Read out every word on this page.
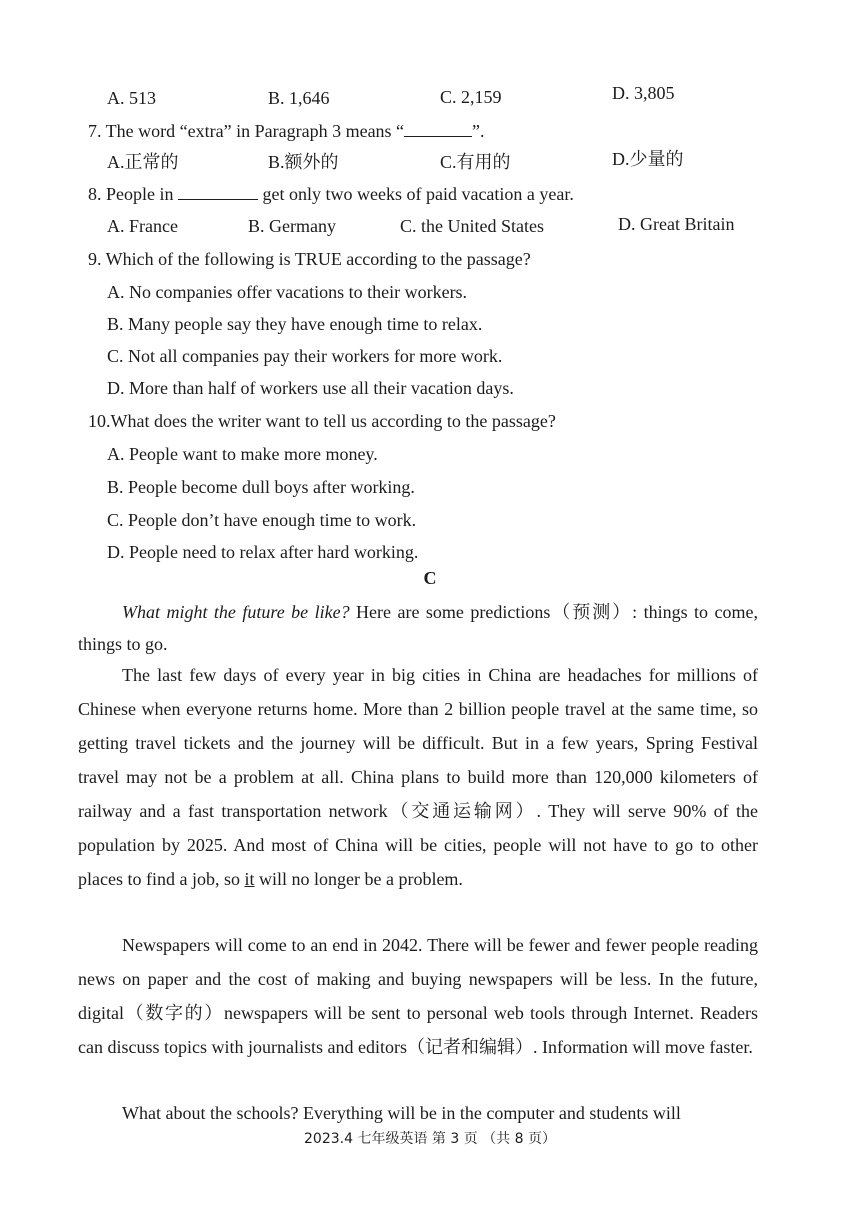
A. 513	B. 1,646	C. 2,159	D. 3,805
7. The word “extra” in Paragraph 3 means “	”.
A.正常的	B.额外的	C.有用的	D.少量的
8. People in	get only two weeks of paid vacation a year.
A. France	B. Germany	C. the United States	D. Great Britain
9. Which of the following is TRUE according to the passage?
A. No companies offer vacations to their workers.
B. Many people say they have enough time to relax.
C. Not all companies pay their workers for more work.
D. More than half of workers use all their vacation days.
10.What does the writer want to tell us according to the passage?
A. People want to make more money.
B. People become dull boys after working.
C. People don’t have enough time to work.
D. People need to relax after hard working.
C
What might the future be like? Here are some predictions（预测）: things to come, things to go.
The last few days of every year in big cities in China are headaches for millions of Chinese when everyone returns home. More than 2 billion people travel at the same time, so getting travel tickets and the journey will be difficult. But in a few years, Spring Festival travel may not be a problem at all. China plans to build more than 120,000 kilometers of railway and a fast transportation network（交通运输网）. They will serve 90% of the population by 2025. And most of China will be cities, people will not have to go to other places to find a job, so it will no longer be a problem.
Newspapers will come to an end in 2042. There will be fewer and fewer people reading news on paper and the cost of making and buying newspapers will be less. In the future, digital（数字的）newspapers will be sent to personal web tools through Internet. Readers can discuss topics with journalists and editors（记者和编辑）. Information will move faster.
What about the schools? Everything will be in the computer and students will
2023.4 七年级英语 第 3 页 （共 8 页）
